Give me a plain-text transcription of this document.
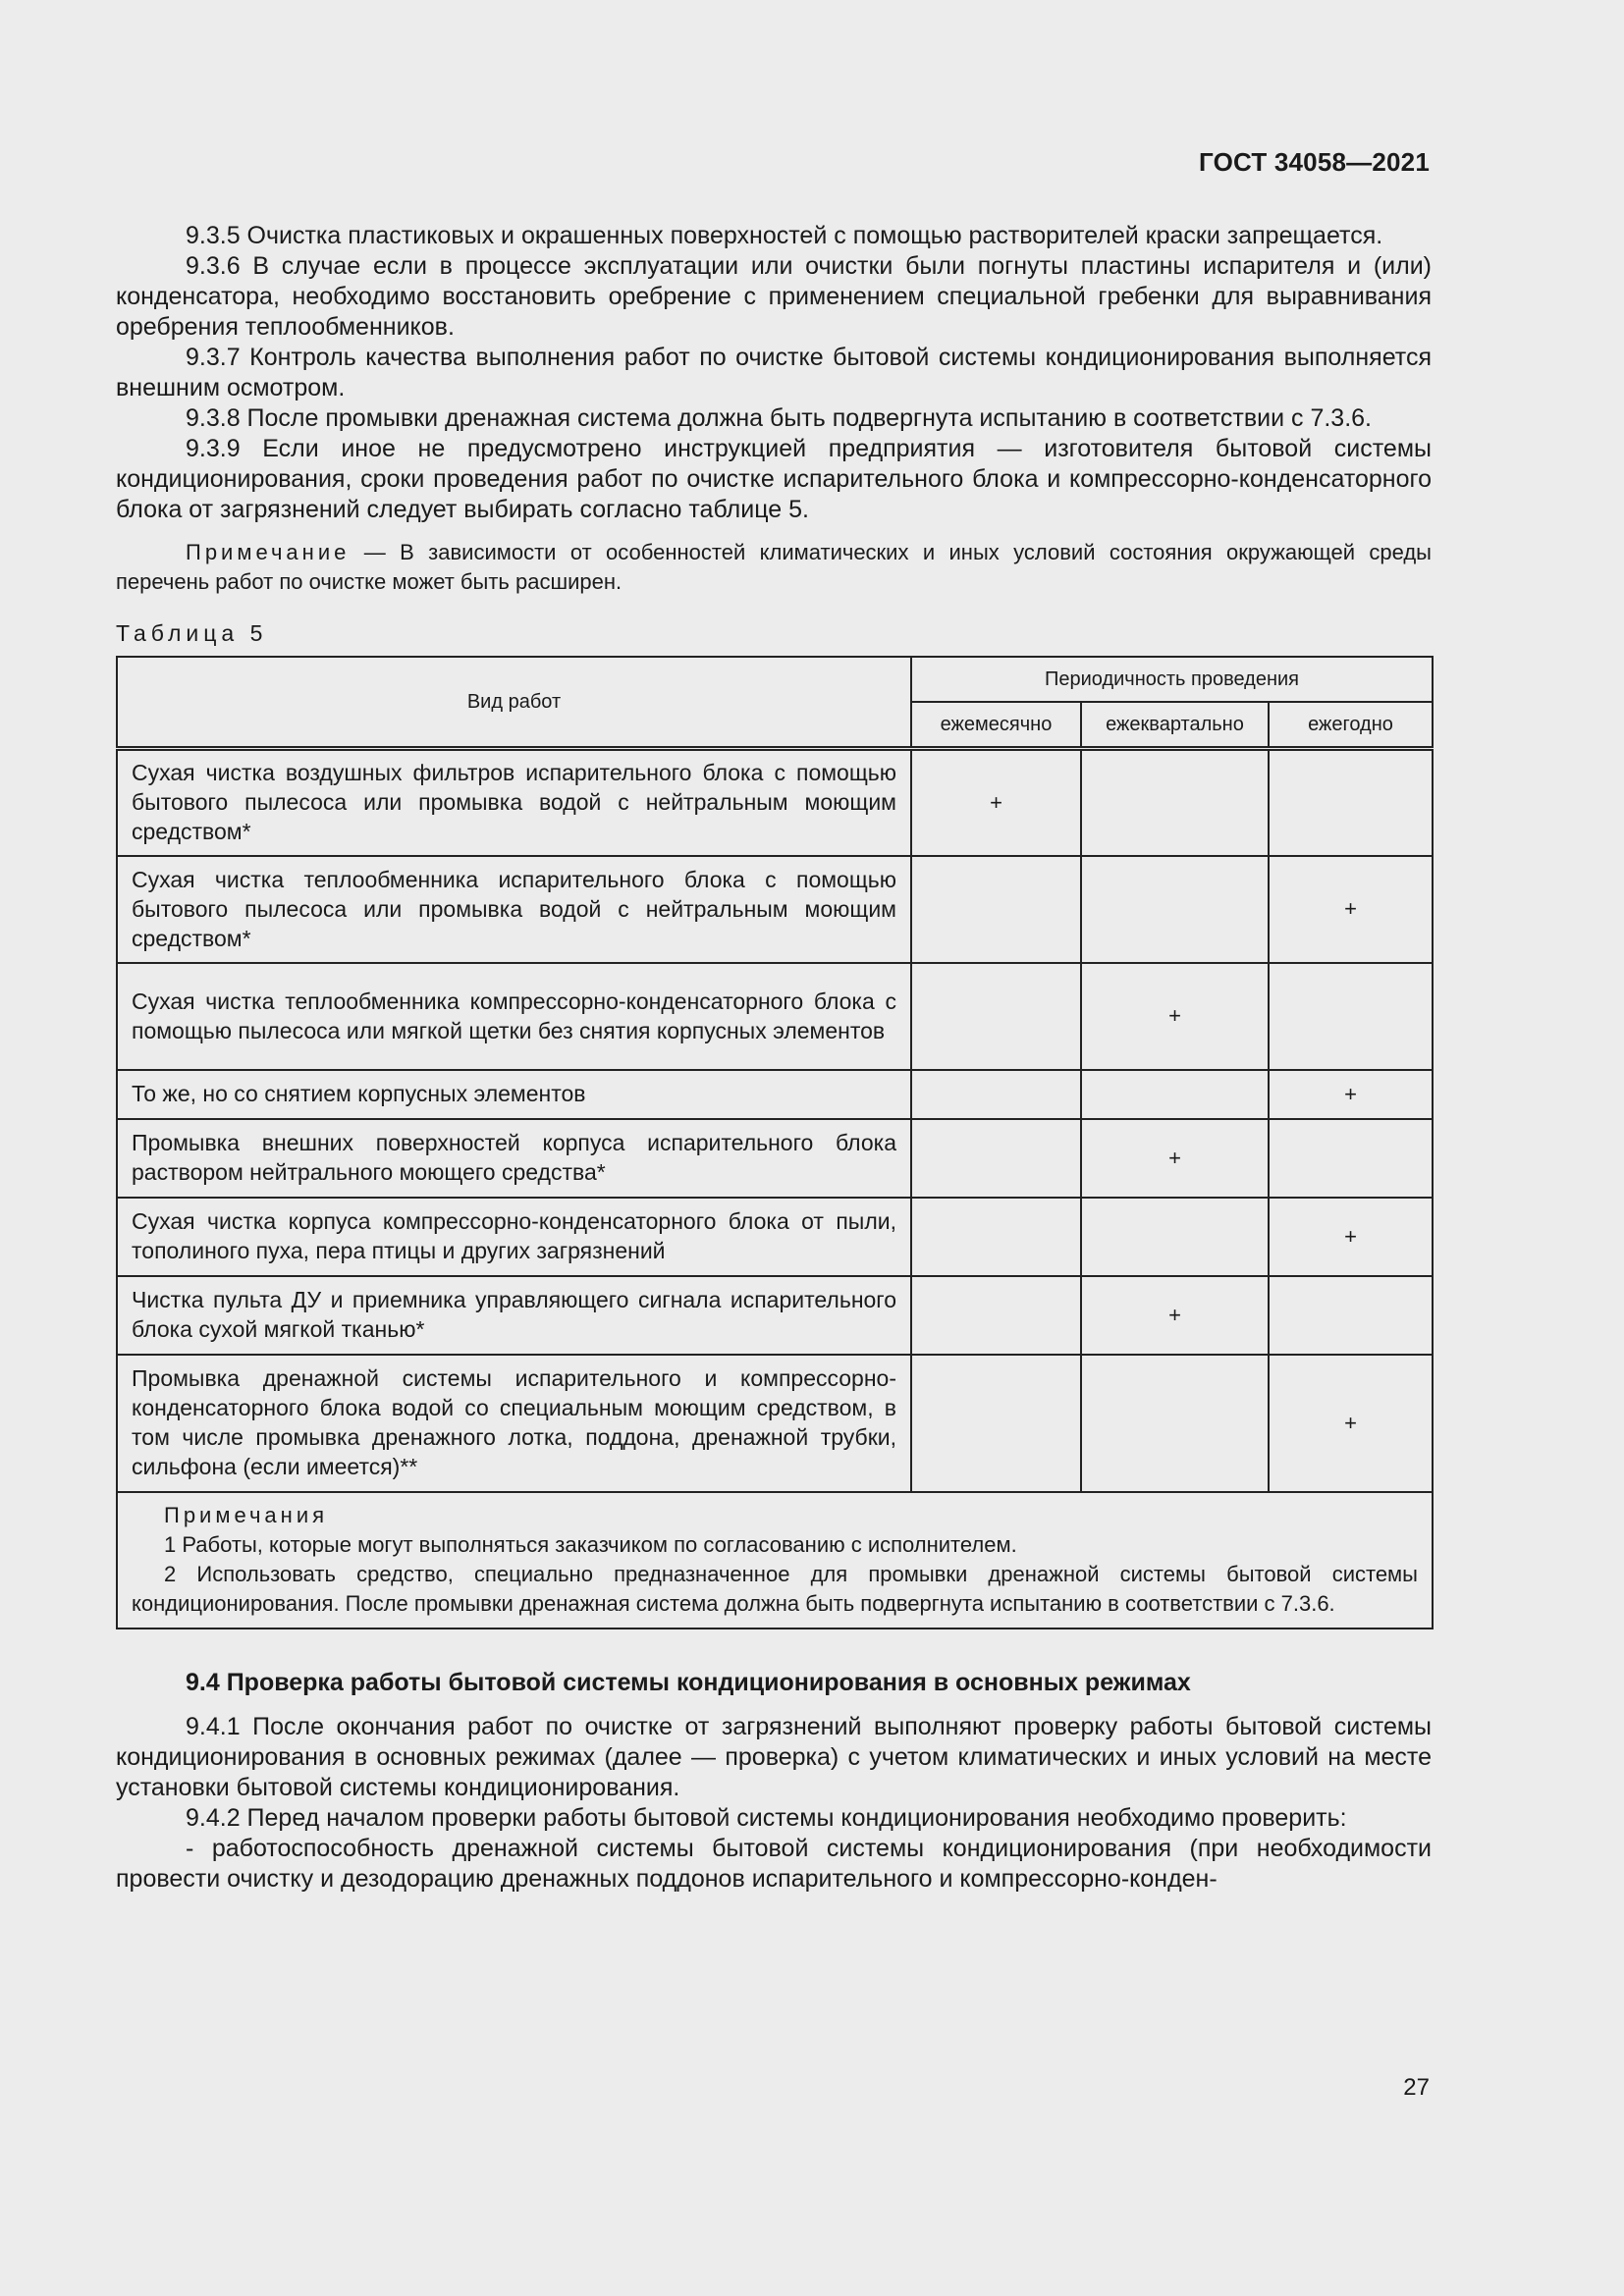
ГОСТ 34058—2021

9.3.5 Очистка пластиковых и окрашенных поверхностей с помощью растворителей краски запрещается.

9.3.6 В случае если в процессе эксплуатации или очистки были погнуты пластины испарителя и (или) конденсатора, необходимо восстановить оребрение с применением специальной гребенки для выравнивания оребрения теплообменников.

9.3.7 Контроль качества выполнения работ по очистке бытовой системы кондиционирования выполняется внешним осмотром.

9.3.8 После промывки дренажная система должна быть подвергнута испытанию в соответствии с 7.3.6.

9.3.9 Если иное не предусмотрено инструкцией предприятия — изготовителя бытовой системы кондиционирования, сроки проведения работ по очистке испарительного блока и компрессорно-конденсаторного блока от загрязнений следует выбирать согласно таблице 5.

Примечание — В зависимости от особенностей климатических и иных условий состояния окружающей среды перечень работ по очистке может быть расширен.

Таблица 5
Вид работ	Периодичность проведения		
	ежемесячно	ежеквартально	ежегодно
Сухая чистка воздушных фильтров испарительного блока с помощью бытового пылесоса или промывка водой с нейтральным моющим средством*	+		
Сухая чистка теплообменника испарительного блока с помощью бытового пылесоса или промывка водой с нейтральным моющим средством*			+
Сухая чистка теплообменника компрессорно-конденсаторного блока с помощью пылесоса или мягкой щетки без снятия корпусных элементов		+	
То же, но со снятием корпусных элементов			+
Промывка внешних поверхностей корпуса испарительного блока раствором нейтрального моющего средства*		+	
Сухая чистка корпуса компрессорно-конденсаторного блока от пыли, тополиного пуха, пера птицы и других загрязнений			+
Чистка пульта ДУ и приемника управляющего сигнала испарительного блока сухой мягкой тканью*		+	
Промывка дренажной системы испарительного и компрессорно-конденсаторного блока водой со специальным моющим средством, в том числе промывка дренажного лотка, поддона, дренажной трубки, сильфона (если имеется)**			+

Примечания
1 Работы, которые могут выполняться заказчиком по согласованию с исполнителем.
2 Использовать средство, специально предназначенное для промывки дренажной системы бытовой системы кондиционирования. После промывки дренажная система должна быть подвергнута испытанию в соответствии с 7.3.6.			
9.4 Проверка работы бытовой системы кондиционирования в основных режимах

9.4.1 После окончания работ по очистке от загрязнений выполняют проверку работы бытовой системы кондиционирования в основных режимах (далее — проверка) с учетом климатических и иных условий на месте установки бытовой системы кондиционирования.

9.4.2 Перед началом проверки работы бытовой системы кондиционирования необходимо проверить:

- работоспособность дренажной системы бытовой системы кондиционирования (при необходимости провести очистку и дезодорацию дренажных поддонов испарительного и компрессорно-конден-

27
